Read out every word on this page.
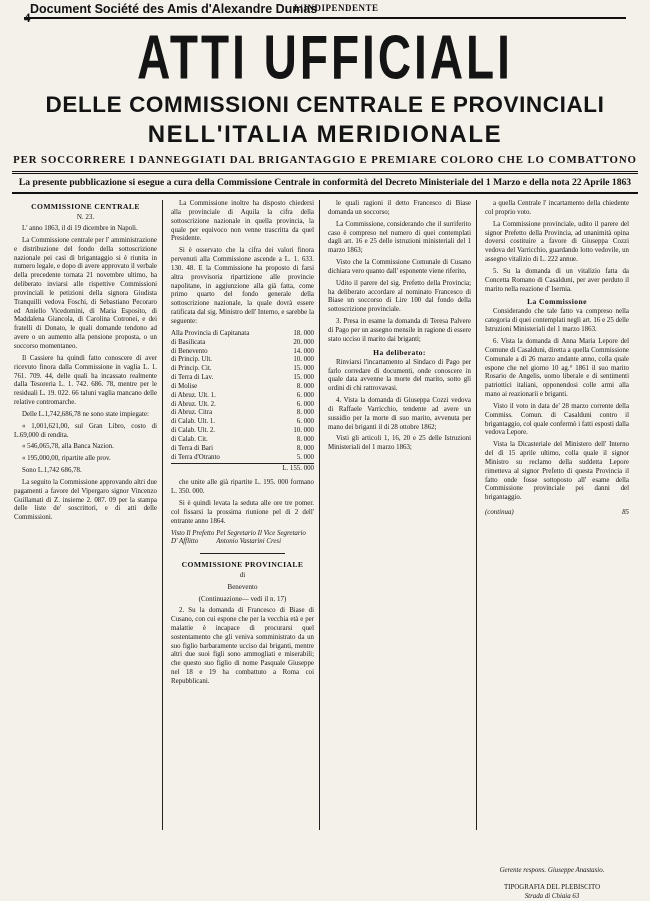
4
Document Société des Amis d'Alexandre Dumas
L'INDIPENDENTE
ATTI UFFICIALI
DELLE COMMISSIONI CENTRALE E PROVINCIALI
NELL'ITALIA MERIDIONALE
PER SOCCORRERE I DANNEGGIATI DAL BRIGANTAGGIO E PREMIARE COLORO CHE LO COMBATTONO
La presente pubblicazione si esegue a cura della Commissione Centrale in conformità del Decreto Ministeriale del 1 Marzo e della nota 22 Aprile 1863
COMMISSIONE CENTRALE
N. 23.

L' anno 1863, il di 19 dicembre in Napoli.

La Commissione centrale per l' amministrazione e distribuzione del fondo della sottoscrizione nazionale pei casi di brigantaggio si è riunita in numero legale, e dopo di avere approvato il verbale della precedente tornata 21 novembre ultimo, ha deliberato inviarsi alle rispettive Commissioni provinciali le petizioni della signora Giudista Tranquilli vedova Foschi, di Sebastiano Pecoraro ed Aniello Vicedomini, di Maria Esposito, di Maddalena Giancola, di Carolina Cotronei, e dei fratelli di Donato, le quali domande tendono ad avere o un aumento alla pensione proposta, o un soccorso momentaneo.

Il Cassiere ha quindi fatto conoscere di aver ricevuto finora dalla Commissione in vaglia L. 1. 761. 709. 44, delle quali ha incassato realmente dalla Tesoreria L. 1. 742. 686. 78, mentre per le residuali L. 19. 022. 66 taluni vaglia mancano delle relative contromarche.

Delle L.1,742,686,78 ne sono state impiegate:

« 1,001,621,00, sul Gran Libro, costo di L.69,000 di rendita.

« 546,065,78, alla Banca Nazion.

« 195,000,00, ripartite alle prov.

Sono L.1,742 686,78.

La seguito la Commissione approvando altri due pagamenti a favore del Vipergaro signor Vincenzo Guillamati di Z. insieme 2. 087. 09 per la stampa delle liste de' soscrittori, e di atti delle Commissioni.

La Commissione inoltre ha disposto chiedersi alla provinciale di Aquila la cifra della sottoscrizione nazionale in quella provincia, la quale per equivoco non venne trascritta da quel Presidente.

Si è osservato che la cifra dei valori finora pervenuti alla Commissione ascende a L. 1. 633. 130. 48. E la Commissione ha proposto di farsi altra provvisoria ripartizione alle provincie napolitane, in aggiunzione alla già fatta, come primo quarto del fondo generale della sottoscrizione nazionale, la quale dovrà essere ratificata dal sig. Ministro dell' Interno, e sarebbe la seguente:

Alla Provincia di Capitanata	18. 000
di Basilicata	20. 000
di Benevento	14. 000
di Princip. Ult.	10. 000
di Princip. Cit.	15. 000
di Terra di Lav.	15. 000
di Molise	8. 000
di Abruz. Ult. 1.	6. 000
di Abruz. Ult. 2.	6. 000
di Abruz. Citra	8. 000
di Calab. Ult. 1.	6. 000
di Calab. Ult. 2.	10. 000
di Calab. Cit.	8. 000
di Terra di Bari	8. 000
di Terra d'Otranto	5. 000
L. 155. 000

che unite alle già ripartite L. 195. 000 formano L. 350. 000.

Si è quindi levata la seduta alle ore tre pomer. col fissarsi la prossima riunione pel di 2 dell' entrante anno 1864.

Visto Il Prefetto D' Afflitto
Pel Segretario Il Vice Segretario Antonio Vastarini Cresi
COMMISSIONE PROVINCIALE
di
Benevento
(Continuazione— vedi il n. 17)

2. Su la domanda di Francesco di Biase di Cusano, con cui espone che per la vecchia età e per malattie è incapace di procurarsi quel sostentamento che gli veniva somministrato da un suo figlio barbaramente ucciso dai briganti, mentre altri due suoi figli sono ammogliati e miserabili; che questo suo figlio di nome Pasquale Giuseppe nel 18 e 19 ha combattuto a Roma coi Repubblicani.

le quali ragioni il detto Francesco di Biase domanda un soccorso;

La Commissione, considerando che il surriferito caso è compreso nel numero di quei contemplati dagli art. 16 e 25 delle istruzioni ministeriali del 1 marzo 1863;

Visto che la Commissione Comunale di Cusano dichiara vero quanto dall' esponente viene riferito,

Udito il parere del sig. Prefetto della Provincia; ha deliberato accordare al nominato Francesco di Biase un soccorso di Lire 100 dal fondo della sottoscrizione provinciale.

3. Presa in esame la domanda di Teresa Palvere di Pago per un assegno mensile in ragione di essere stato ucciso il marito dai briganti;

Ha deliberato:

Rinviarsi l'incartamento al Sindaco di Pago per farlo corredare di documenti, onde conoscere in quale data avvenne la morte del marito, sotto gli ordini di chi rattrovavasi.

4. Vista la domanda di Giuseppa Cozzi vedova di Raffaele Varricchio, tendente ad avere un sussidio per la morte di suo marito, avvenuta per mano dei briganti il di 28 ottobre 1862;

Visti gli articoli 1, 16, 20 e 25 delle Istruzioni Ministeriali del 1 marzo 1863;

a quella Centrale l' incartamento della chiedente col proprio voto.

La Commissione provinciale, udito il parere del signor Prefetto della Provincia, ad unanimità opina doversi costituire a favore di Giuseppa Cozzi vedova del Varricchio, guardando lotto vedovile, un assegno vitalizio di L. 222 annue.

5. Su la domanda di un vitalizio fatta da Concetta Romano di Casalduni, per aver perduto il marito nella reazione d' Isernia.

La Commissione

Considerando che tale fatto va compreso nella categoria di quei contemplati negli art. 16 e 25 delle Istruzioni Ministeriali del 1 marzo 1863.

6. Vista la domanda di Anna Maria Lepore del Comune di Casalduni, diretta a quella Commissione Comunale a dì 26 marzo andante anno, colla quale espone che nel giorno 10 ag.° 1861 il suo marito Rosario de Angelis, uomo liberale e di sentimenti patriottici italiani, opponendosi colle armi alla mano ai reazionarii e briganti.

Visto il voto in data de' 28 marzo corrente della Commiss. Comun. di Casalduni contro il brigantaggio, col quale confermò i fatti esposti dalla vedova Lepore.

Vista la Dicasteriale del Ministero dell' Interno del dì 15 aprile ultimo, colla quale il signor Ministro su reclamo della suddetta Lepore rimetteva al signor Prefetto di questa Provincia il fatto onde fosse sottoposto all' esame della Commissione provinciale pei danni del brigantaggio.

(continua)	85
Gerente respons. Giuseppe Anastasio.
TIPOGRAFIA DEL PLEBISCITO
Strada di Chiaia 63
